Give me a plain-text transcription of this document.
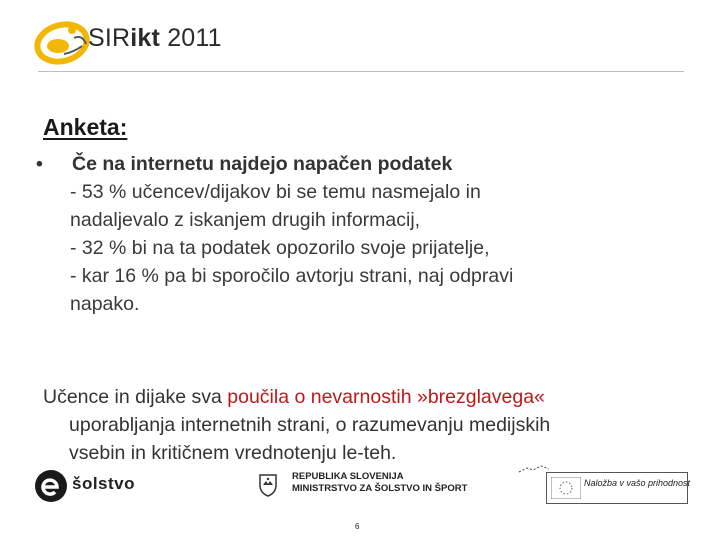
SIRikt 2011
Anketa:
•	Če na internetu najdejo napačen podatek
- 53 % učencev/dijakov bi se temu nasmejalo in
nadaljevalo z iskanjem drugih informacij,
- 32 % bi na ta podatek opozorilo svoje prijatelje,
- kar 16 % pa bi sporočilo avtorju strani, naj odpravi
napako.
Učence in dijake sva poučila o nevarnostih »brezglavega«
uporabljanja internetnih strani, o razumevanju medijskih
vsebin in kritičnem vrednotenju le-teh.
šolstvo	REPUBLIKA SLOVENIJA
MINISTRSTVO ZA ŠOLSTVO IN ŠPORT	Naložba v vašo prihodnost
6
